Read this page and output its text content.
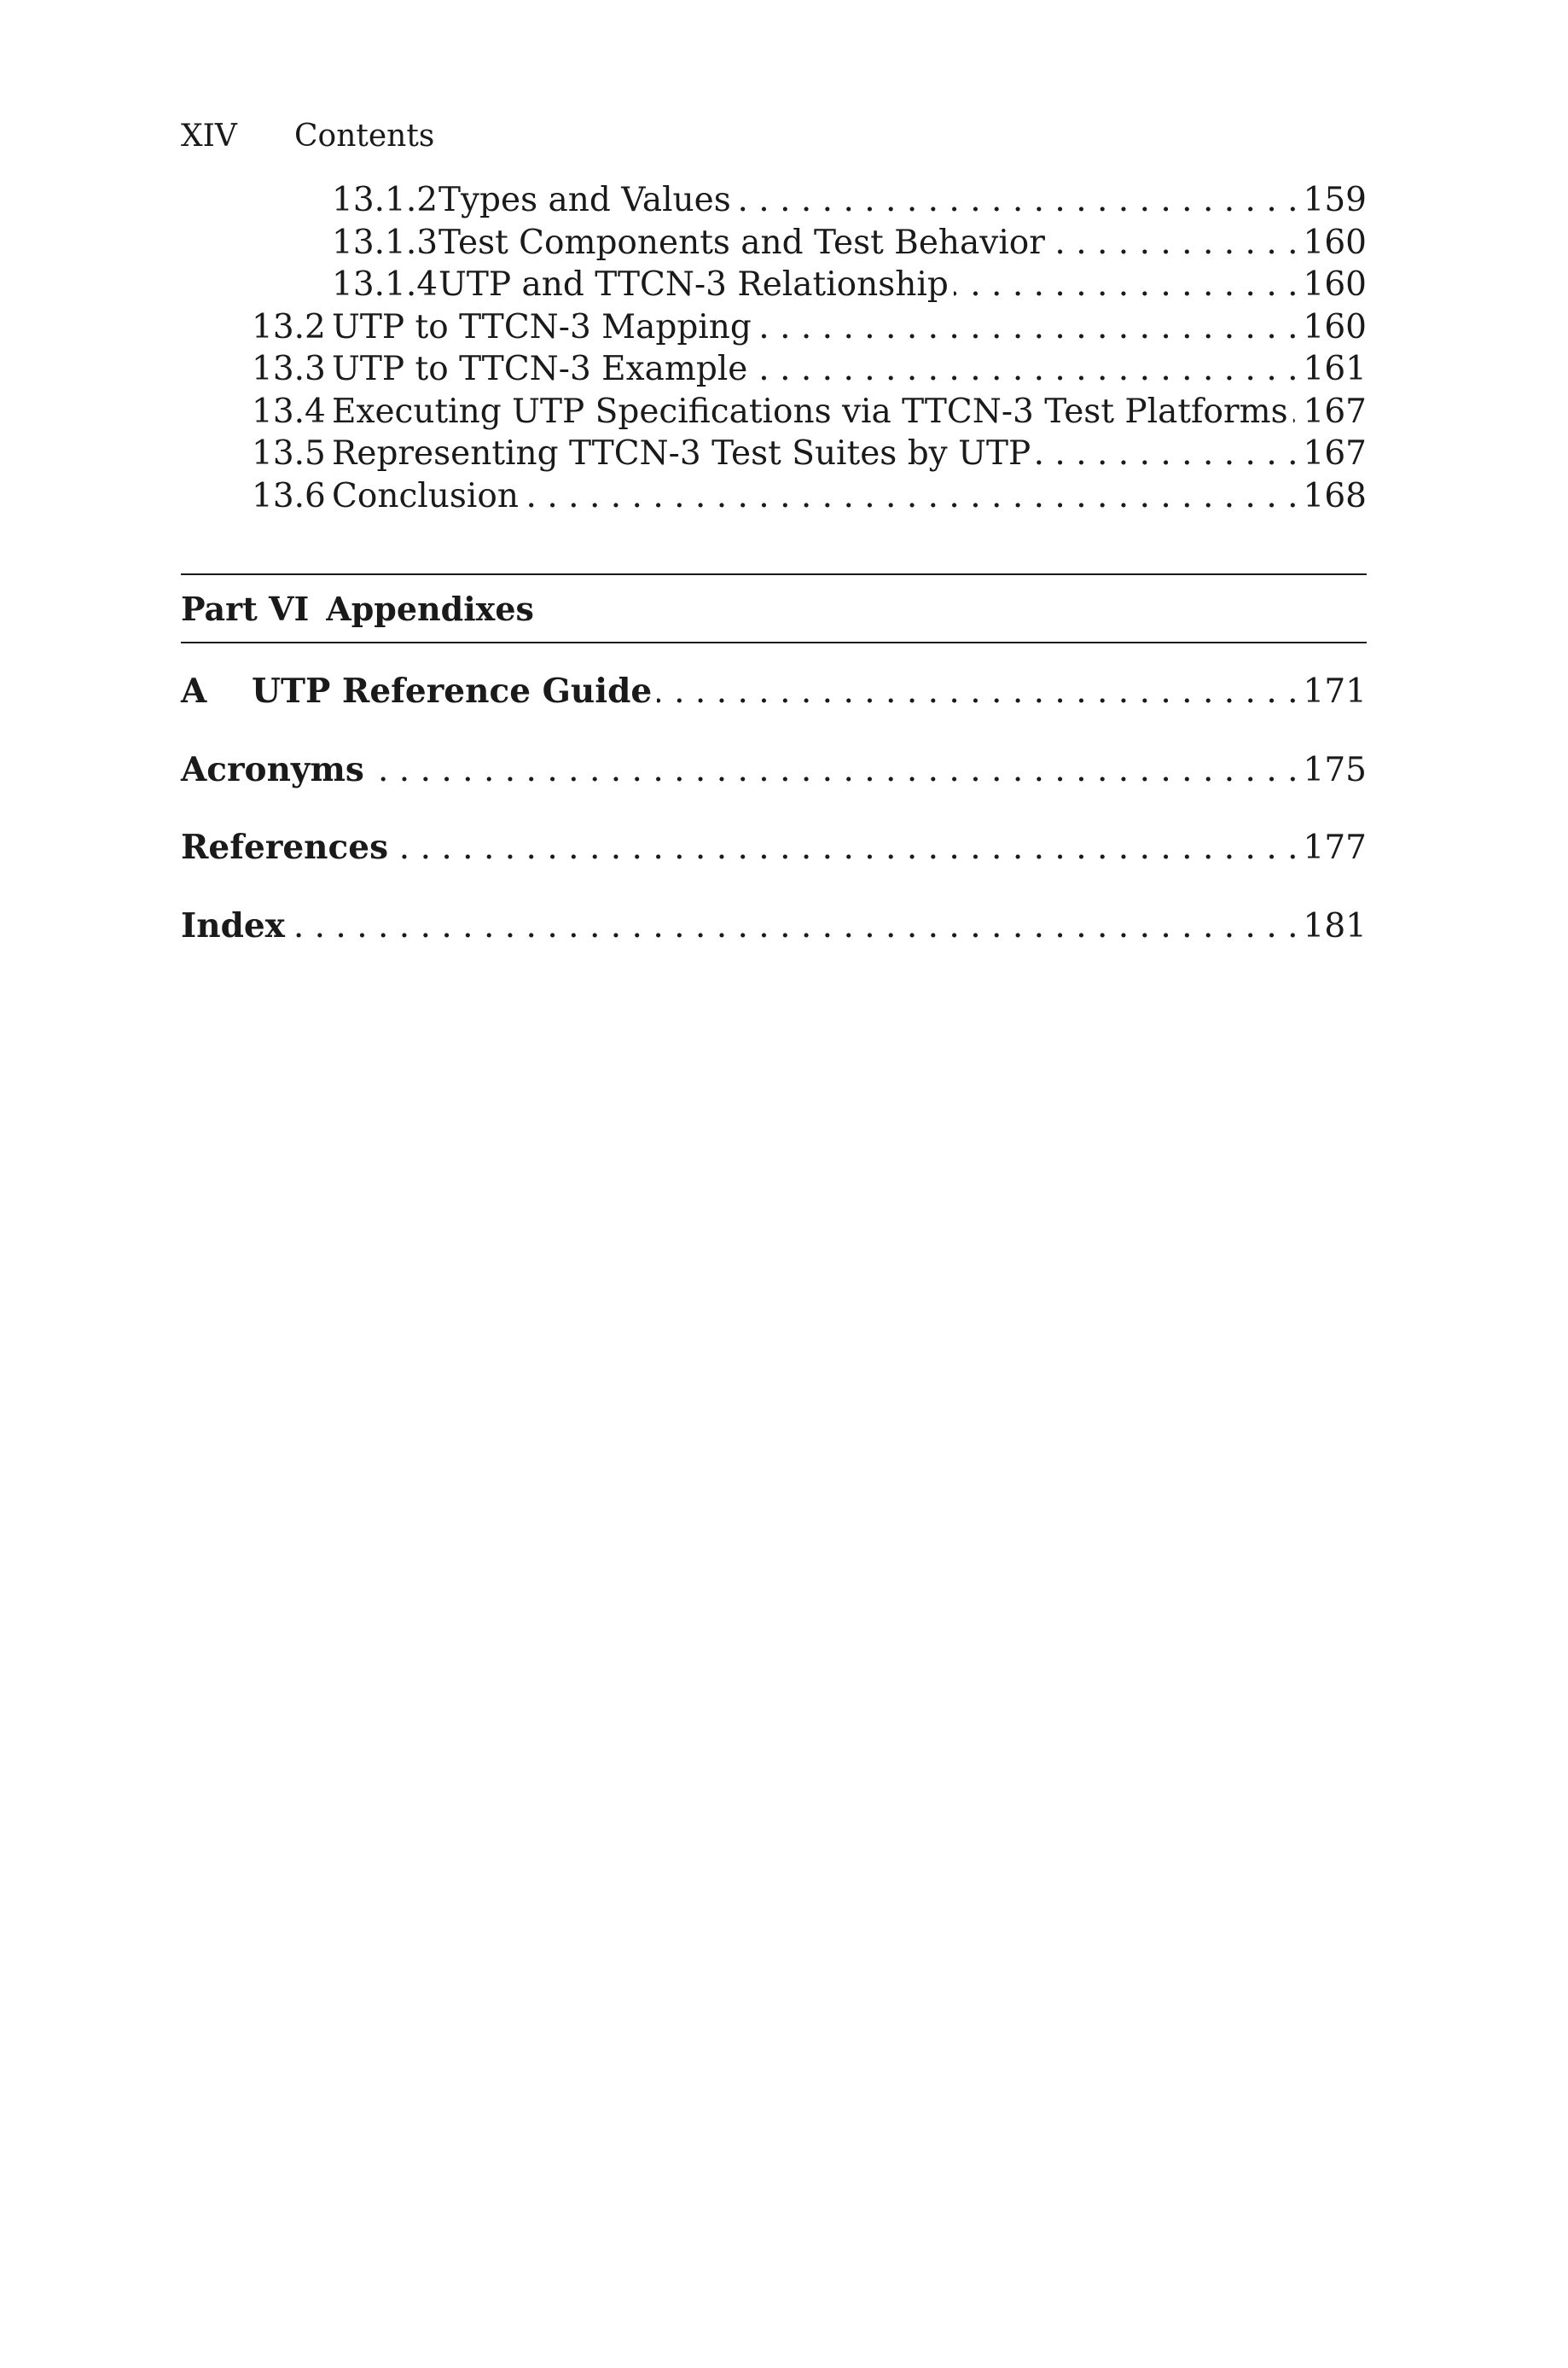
XIV Contents
13.1.2 Types and Values . . .	159
13.1.3 Test Components and Test Behavior . . .	160
13.1.4 UTP and TTCN-3 Relationship . . .	160
13.2 UTP to TTCN-3 Mapping . . .	160
13.3 UTP to TTCN-3 Example . . .	161
13.4 Executing UTP Specifications via TTCN-3 Test Platforms . . . 167
13.5 Representing TTCN-3 Test Suites by UTP . . .	167
13.6 Conclusion . . .	168
Part VI Appendixes
A	UTP Reference Guide . . .	171
Acronyms . . .	175
References . . .	177
Index . . .	181
